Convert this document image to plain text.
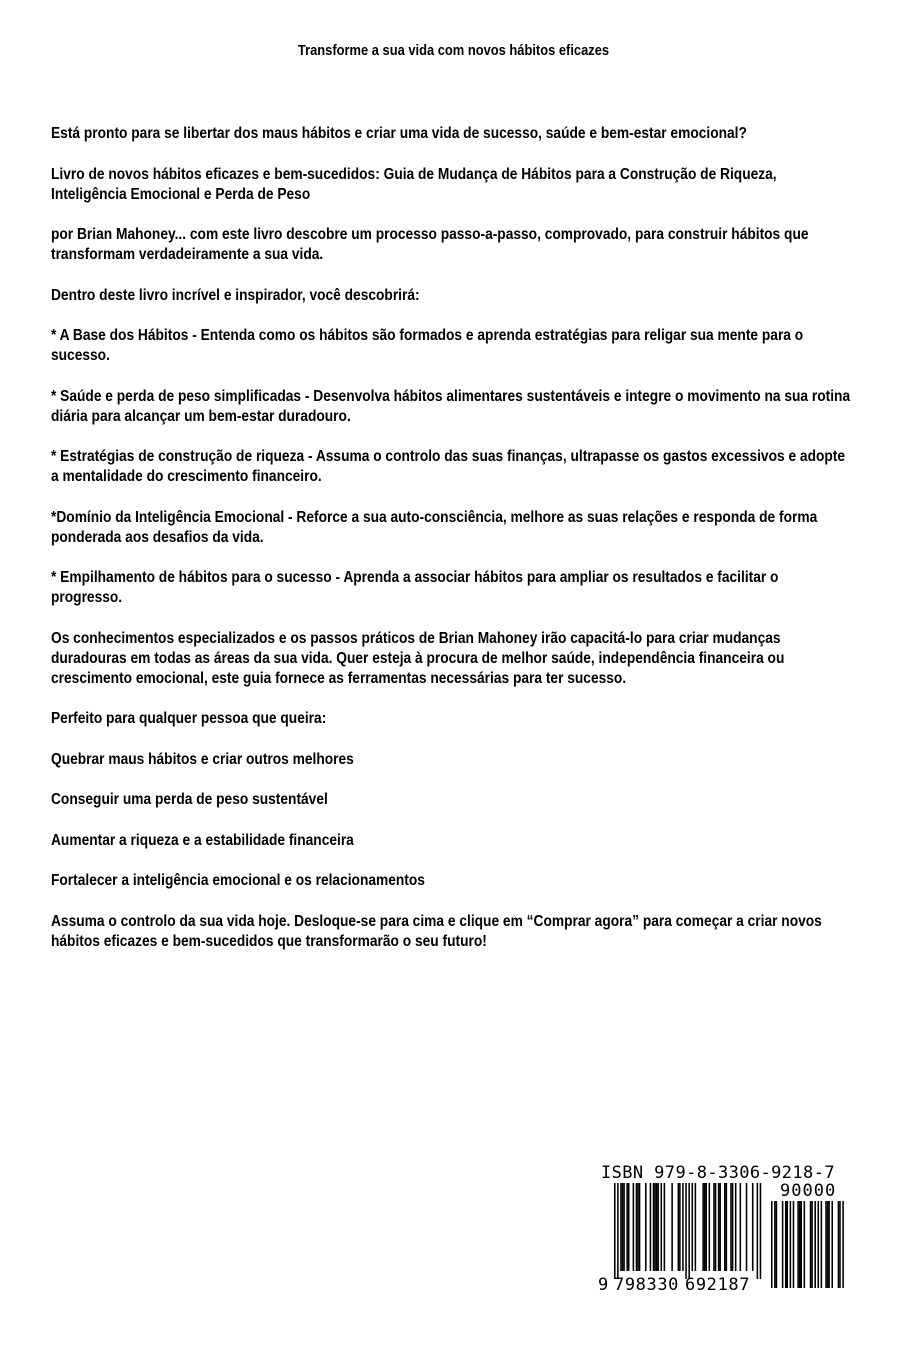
Transforme a sua vida com novos hábitos eficazes

Está pronto para se libertar dos maus hábitos e criar uma vida de sucesso, saúde e bem-estar emocional?

Livro de novos hábitos eficazes e bem-sucedidos: Guia de Mudança de Hábitos para a Construção de Riqueza, Inteligência Emocional e Perda de Peso

por Brian Mahoney... com este livro descobre um processo passo-a-passo, comprovado, para construir hábitos que transformam verdadeiramente a sua vida.

Dentro deste livro incrível e inspirador, você descobrirá:

* A Base dos Hábitos - Entenda como os hábitos são formados e aprenda estratégias para religar sua mente para o sucesso.

* Saúde e perda de peso simplificadas - Desenvolva hábitos alimentares sustentáveis e integre o movimento na sua rotina diária para alcançar um bem-estar duradouro.

* Estratégias de construção de riqueza - Assuma o controlo das suas finanças, ultrapasse os gastos excessivos e adopte a mentalidade do crescimento financeiro.

*Domínio da Inteligência Emocional - Reforce a sua auto-consciência, melhore as suas relações e responda de forma ponderada aos desafios da vida.

* Empilhamento de hábitos para o sucesso - Aprenda a associar hábitos para ampliar os resultados e facilitar o progresso.

Os conhecimentos especializados e os passos práticos de Brian Mahoney irão capacitá-lo para criar mudanças duradouras em todas as áreas da sua vida. Quer esteja à procura de melhor saúde, independência financeira ou crescimento emocional, este guia fornece as ferramentas necessárias para ter sucesso.

Perfeito para qualquer pessoa que queira:

Quebrar maus hábitos e criar outros melhores

Conseguir uma perda de peso sustentável

Aumentar a riqueza e a estabilidade financeira

Fortalecer a inteligência emocional e os relacionamentos

Assuma o controlo da sua vida hoje. Desloque-se para cima e clique em “Comprar agora” para começar a criar novos hábitos eficazes e bem-sucedidos que transformarão o seu futuro!

ISBN 979-8-3306-9218-7
90000
9 798330 692187
